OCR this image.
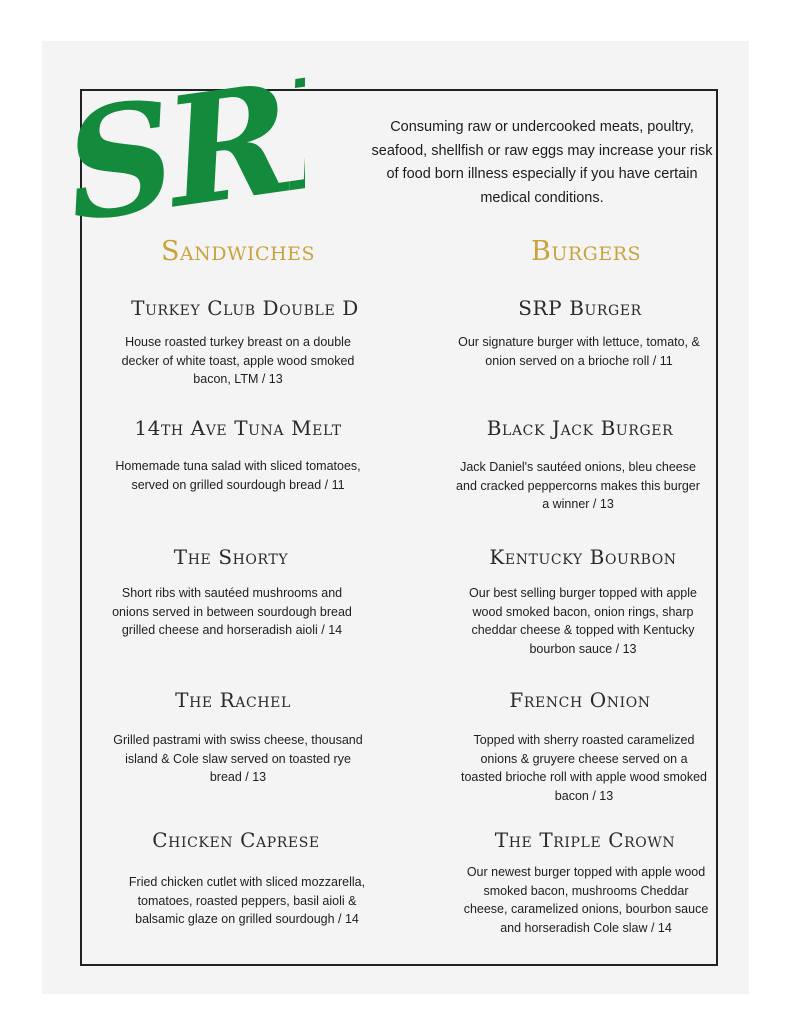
SRP
Consuming raw or undercooked meats, poultry, seafood, shellfish or raw eggs may increase your risk of food born illness especially if you have certain medical conditions.
Sandwiches
Turkey Club Double D
House roasted turkey breast on a double decker of white toast, apple wood smoked bacon, LTM / 13
14th Ave Tuna Melt
Homemade tuna salad with sliced tomatoes, served on grilled sourdough bread / 11
The Shorty
Short ribs with sautéed mushrooms and onions served in between sourdough bread grilled cheese and horseradish aioli / 14
The Rachel
Grilled pastrami with swiss cheese, thousand island & Cole slaw served on toasted rye bread / 13
Chicken Caprese
Fried chicken cutlet with sliced mozzarella, tomatoes, roasted peppers, basil aioli & balsamic glaze on grilled sourdough / 14
Burgers
SRP Burger
Our signature burger with lettuce, tomato, & onion served on a brioche roll / 11
Black Jack Burger
Jack Daniel's sautéed onions, bleu cheese and cracked peppercorns makes this burger a winner / 13
Kentucky Bourbon
Our best selling burger topped with apple wood smoked bacon, onion rings, sharp cheddar cheese & topped with Kentucky bourbon sauce / 13
French Onion
Topped with sherry roasted caramelized onions & gruyere cheese served on a toasted brioche roll with apple wood smoked bacon / 13
The Triple Crown
Our newest burger topped with apple wood smoked bacon, mushrooms Cheddar cheese, caramelized onions, bourbon sauce and horseradish Cole slaw / 14
